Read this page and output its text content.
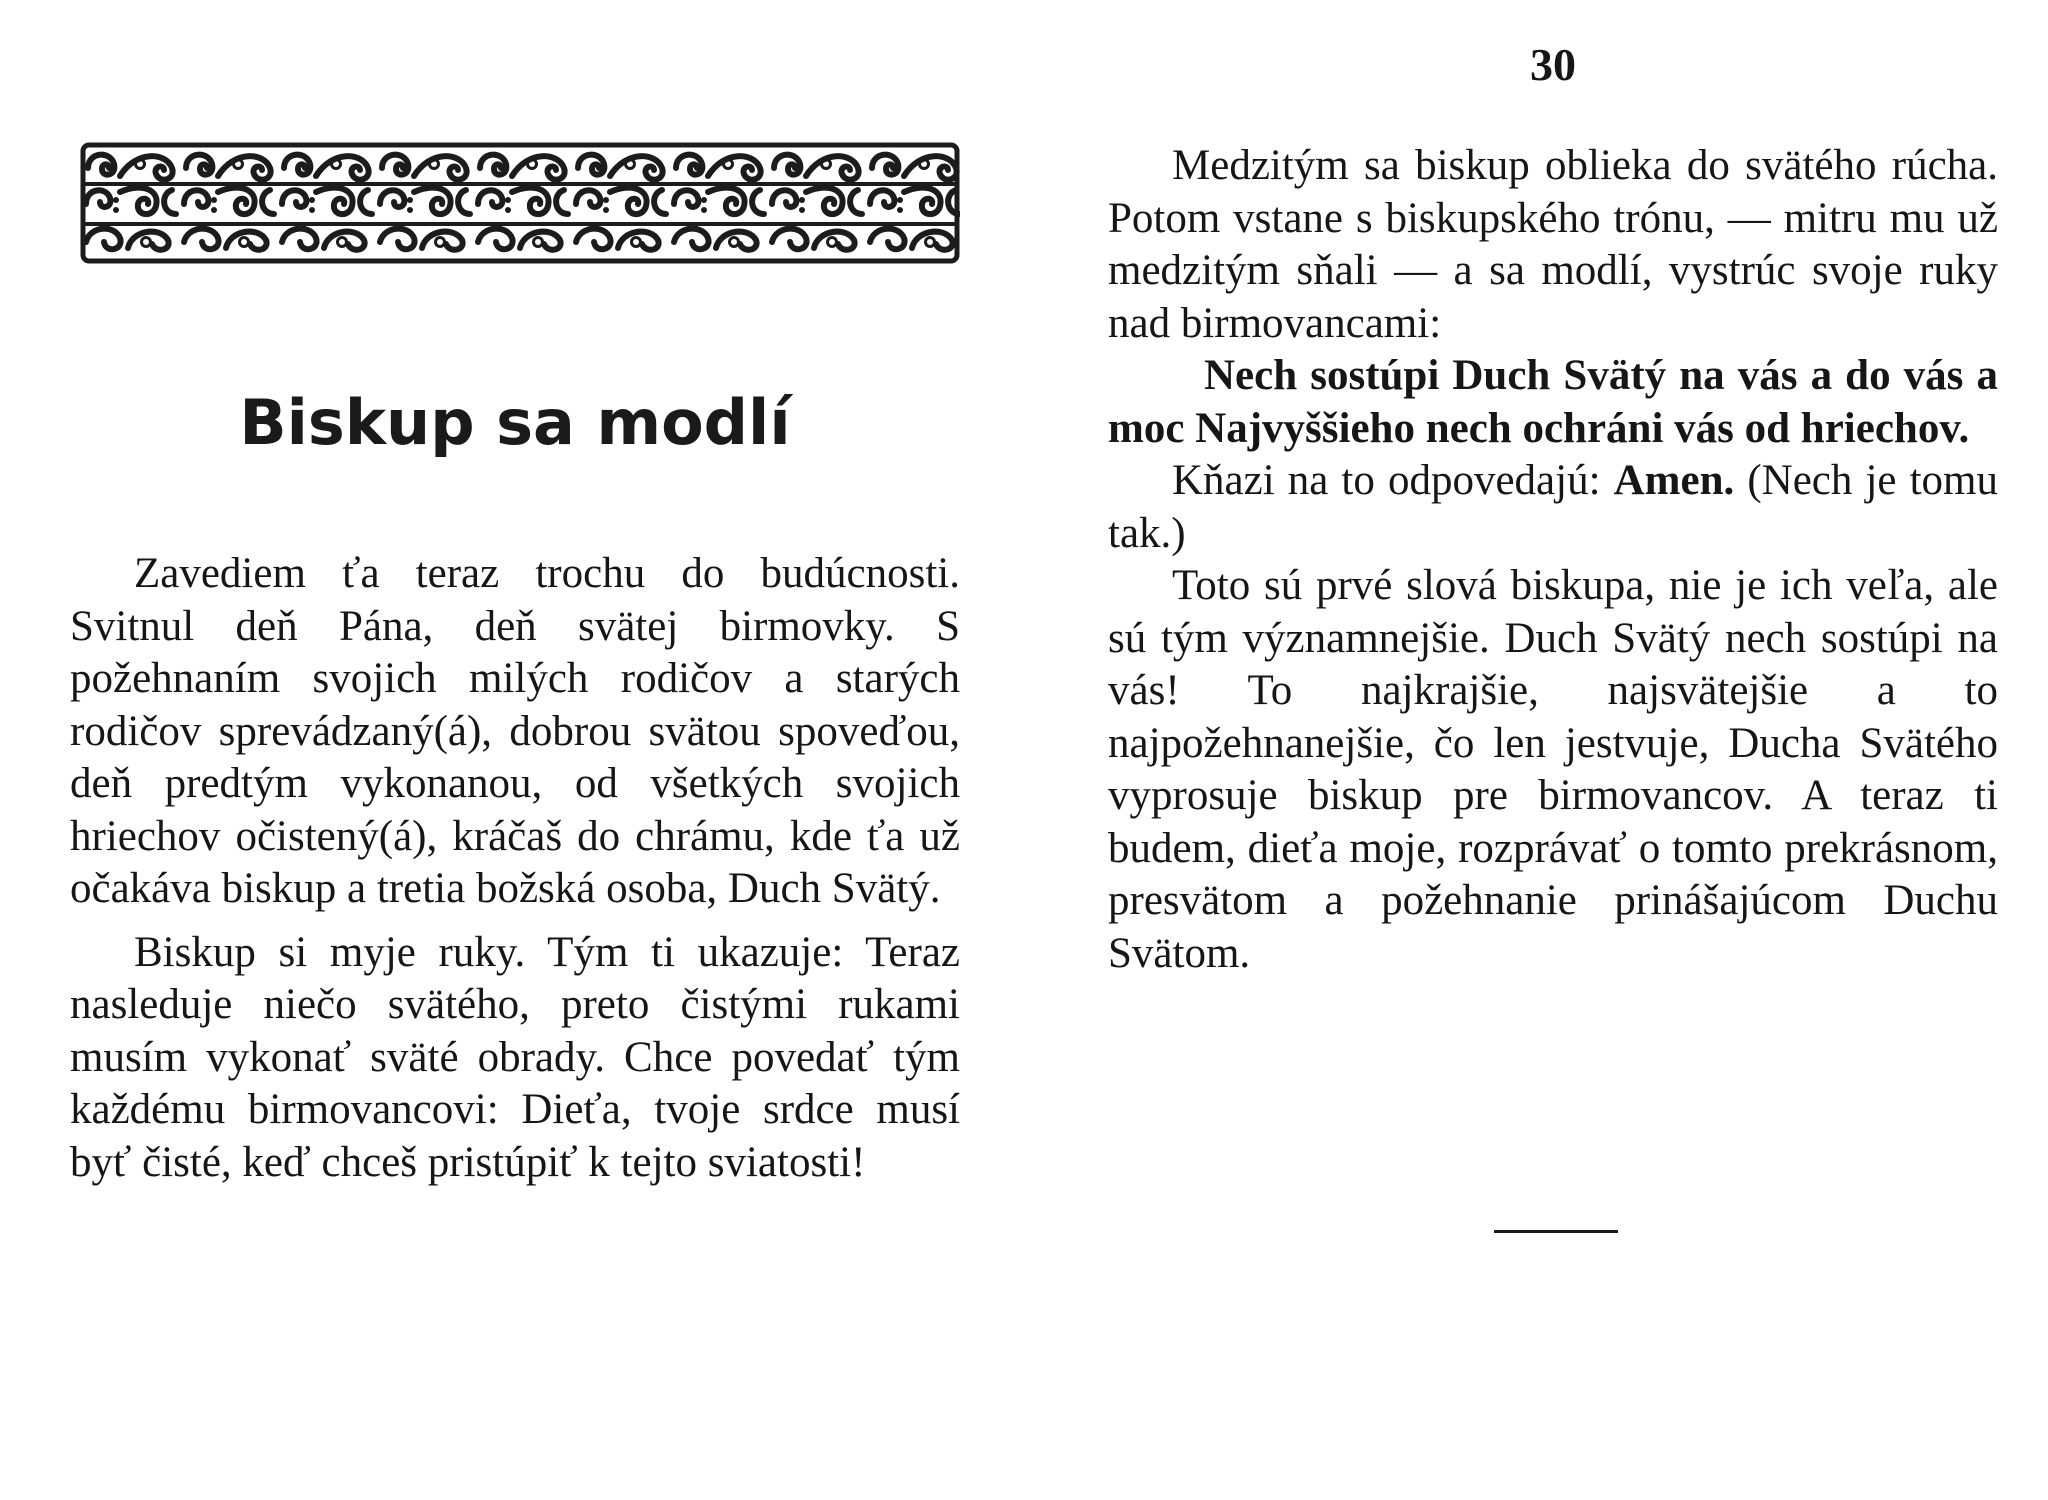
Biskup sa modlí

Zavediem ťa teraz trochu do budúcnosti. Svitnul deň Pána, deň svätej birmovky. S požehnaním svojich milých rodičov a starých rodičov sprevádzaný(á), dobrou svätou spoveďou, deň predtým vykonanou, od všetkých svojich hriechov očistený(á), kráčaš do chrámu, kde ťa už očakáva biskup a tretia božská osoba, Duch Svätý.

Biskup si myje ruky. Tým ti ukazuje: Teraz nasleduje niečo svätého, preto čistými rukami musím vykonať sväté obrady. Chce povedať tým každému birmovancovi: Dieťa, tvoje srdce musí byť čisté, keď chceš pristúpiť k tejto sviatosti!

30

Medzitým sa biskup oblieka do svätého rúcha. Potom vstane s biskupského trónu, — mitru mu už medzitým sňali — a sa modlí, vystrúc svoje ruky nad birmovancami:

Nech sostúpi Duch Svätý na vás a do vás a moc Najvyššieho nech ochráni vás od hriechov.

Kňazi na to odpovedajú: Amen. (Nech je tomu tak.)

Toto sú prvé slová biskupa, nie je ich veľa, ale sú tým významnejšie. Duch Svätý nech sostúpi na vás! To najkrajšie, najsvätejšie a to najpožehnanejšie, čo len jestvuje, Ducha Svätého vyprosuje biskup pre birmovancov. A teraz ti budem, dieťa moje, rozprávať o tomto prekrásnom, presvätom a požehnanie prinášajúcom Duchu Svätom.
